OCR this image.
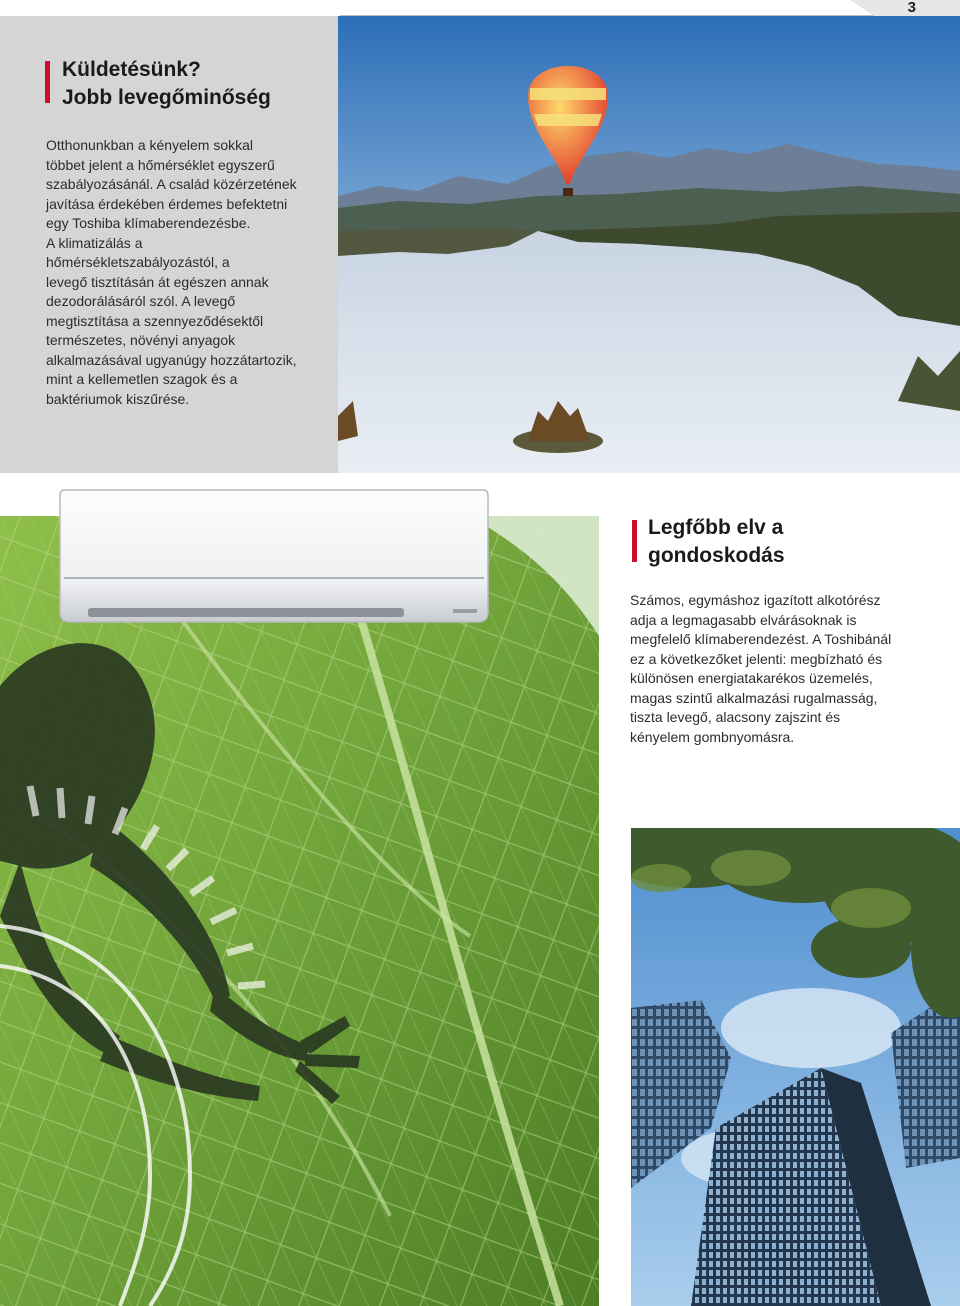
3
Küldetésünk?
Jobb levegőminőség
Otthonunkban a kényelem sokkal
többet jelent a hőmérséklet egyszerű
szabályozásánál. A család közérzetének
javítása érdekében érdemes befektetni
egy Toshiba klímaberendezésbe.
A klimatizálás a
hőmérsékletszabályozástól, a
levegő tisztításán át egészen annak
dezodorálásáról szól. A levegő
megtisztítása a szennyeződésektől
természetes, növényi anyagok
alkalmazásával ugyanúgy hozzátartozik,
mint a kellemetlen szagok és a
baktériumok kiszűrése.
Legfőbb elv a
gondoskodás
Számos, egymáshoz igazított alkotórész
adja a legmagasabb elvárásoknak is
megfelelő klímaberendezést. A Toshibánál
ez a következőket jelenti: megbízható és
különösen energiatakarékos üzemelés,
magas szintű alkalmazási rugalmasság,
tiszta levegő, alacsony zajszint és
kényelem gombnyomásra.
